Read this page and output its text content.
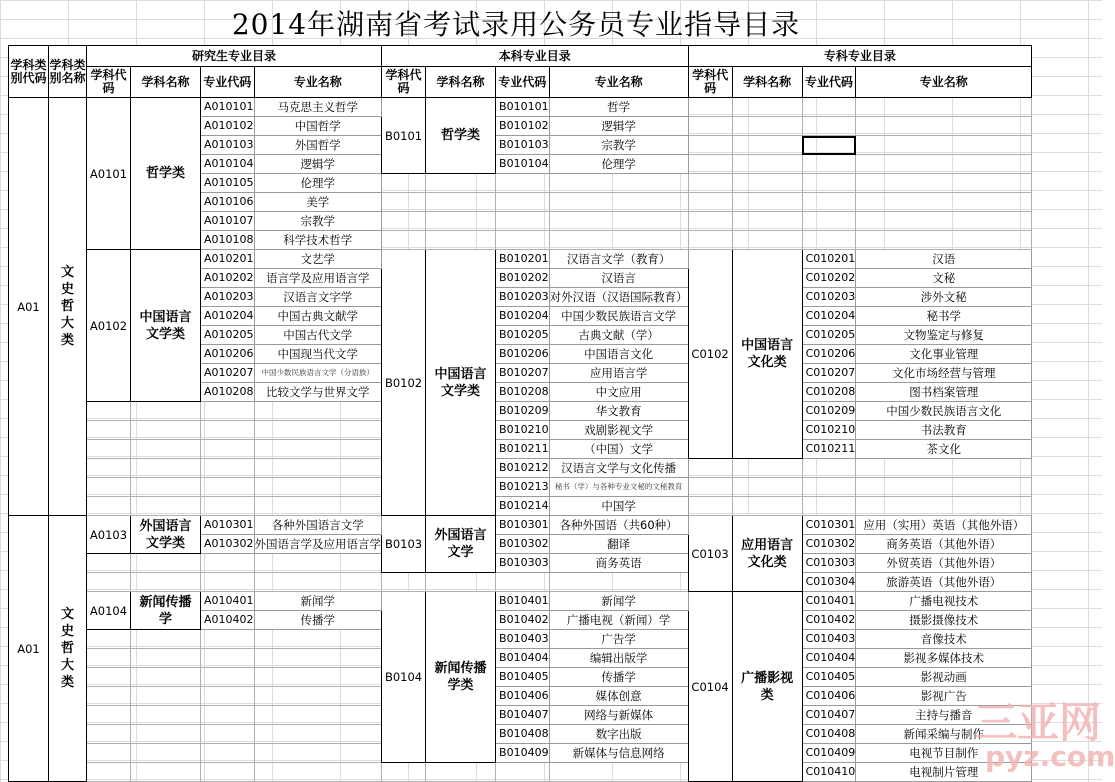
2014年湖南省考试录用公务员专业指导目录
学科类别代码	学科类别名称	研究生专业目录				本科专业目录				专科专业目录			
		学科代码	学科名称	专业代码	专业名称	学科代码	学科名称	专业代码	专业名称	学科代码	学科名称	专业代码	专业名称
A01	文史哲大类	A0101	哲学类	A010101	马克思主义哲学	B0101	哲学类	B010101	哲学				
				A010102	中国哲学			B010102	逻辑学				
				A010103	外国哲学			B010103	宗教学				
				A010104	逻辑学			B010104	伦理学				
				A010105	伦理学								
				A010106	美学								
				A010107	宗教学								
				A010108	科学技术哲学								
		A0102	中国语言文学类	A010201	文艺学	B0102	中国语言文学类	B010201	汉语言文学（教育）	C0102	中国语言文化类	C010201	汉语
				A010202	语言学及应用语言学			B010202	汉语言			C010202	文秘
				A010203	汉语言文字学			B010203	对外汉语（汉语国际教育）			C010203	涉外文秘
				A010204	中国古典文献学			B010204	中国少数民族语言文学			C010204	秘书学
				A010205	中国古代文学			B010205	古典文献（学）			C010205	文物鉴定与修复
				A010206	中国现当代文学			B010206	中国语言文化			C010206	文化事业管理
				A010207	中国少数民族语言文学（分语族）			B010207	应用语言学			C010207	文化市场经营与管理
				A010208	比较文学与世界文学			B010208	中文应用			C010208	图书档案管理
								B010209	华文教育			C010209	中国少数民族语言文化
								B010210	戏剧影视文学			C010210	书法教育
								B010211	（中国）文学			C010211	茶文化
								B010212	汉语言文学与文化传播				
								B010213	秘书（学）与各种专业文秘的文秘教育				
								B010214	中国学				
A01	文史哲大类	A0103	外国语言文学类	A010301	各种外国语言文学	B0103	外国语言文学	B010301	各种外国语（共60种）	C0103	应用语言文化类	C010301	应用（实用）英语（其他外语）
				A010302	外国语言学及应用语言学			B010302	翻译			C010302	商务英语（其他外语）
								B010303	商务英语			C010303	外贸英语（其他外语）
												C010304	旅游英语（其他外语）
		A0104	新闻传播学	A010401	新闻学	B0104	新闻传播学类	B010401	新闻学	C0104	广播影视类	C010401	广播电视技术
				A010402	传播学			B010402	广播电视（新闻）学			C010402	摄影摄像技术
								B010403	广告学			C010403	音像技术
								B010404	编辑出版学			C010404	影视多媒体技术
								B010405	传播学			C010405	影视动画
								B010406	媒体创意			C010406	影视广告
								B010407	网络与新媒体			C010407	主持与播音
								B010408	数字出版			C010408	新闻采编与制作
								B010409	新媒体与信息网络			C010409	电视节目制作
												C010410	电视制片管理
三亚网
pyz.com
